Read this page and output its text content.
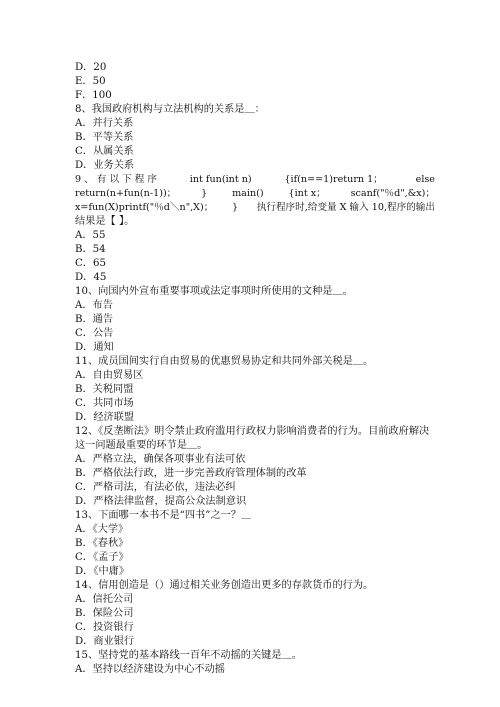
D．20
E．50
F．100
8、我国政府机构与立法机构的关系是＿：
A．并行关系
B．平等关系
C．从属关系
D．业务关系
9 、 有 以 下 程 序	int fun(int n)	{if(n==1)return 1；	else
return(n+fun(n-1))；	}	main()	{int x；	scanf("％d",&x)；
x=fun(X)printf("％d＼n",X)； } 执行程序时,给变量 X 输入 10,程序的输出
结果是【 】。
A．55
B．54
C．65
D．45
10、向国内外宣布重要事项或法定事项时所使用的文种是＿。
A．布告
B．通告
C．公告
D．通知
11、成员国间实行自由贸易的优惠贸易协定和共同外部关税是＿。
A．自由贸易区
B．关税同盟
C．共同市场
D．经济联盟
12、《反垄断法》明令禁止政府滥用行政权力影响消费者的行为。目前政府解决
这一问题最重要的环节是＿。
A．严格立法，确保各项事业有法可依
B．严格依法行政，进一步完善政府管理体制的改革
C．严格司法，有法必依，违法必纠
D．严格法律监督，提高公众法制意识
13、下面哪一本书不是“四书”之一？＿
A．《大学》
B．《春秋》
C．《孟子》
D．《中庸》
14、信用创造是（）通过相关业务创造出更多的存款货币的行为。
A．信托公司
B．保险公司
C．投资银行
D．商业银行
15、坚持党的基本路线一百年不动摇的关键是＿。
A．坚持以经济建设为中心不动摇
